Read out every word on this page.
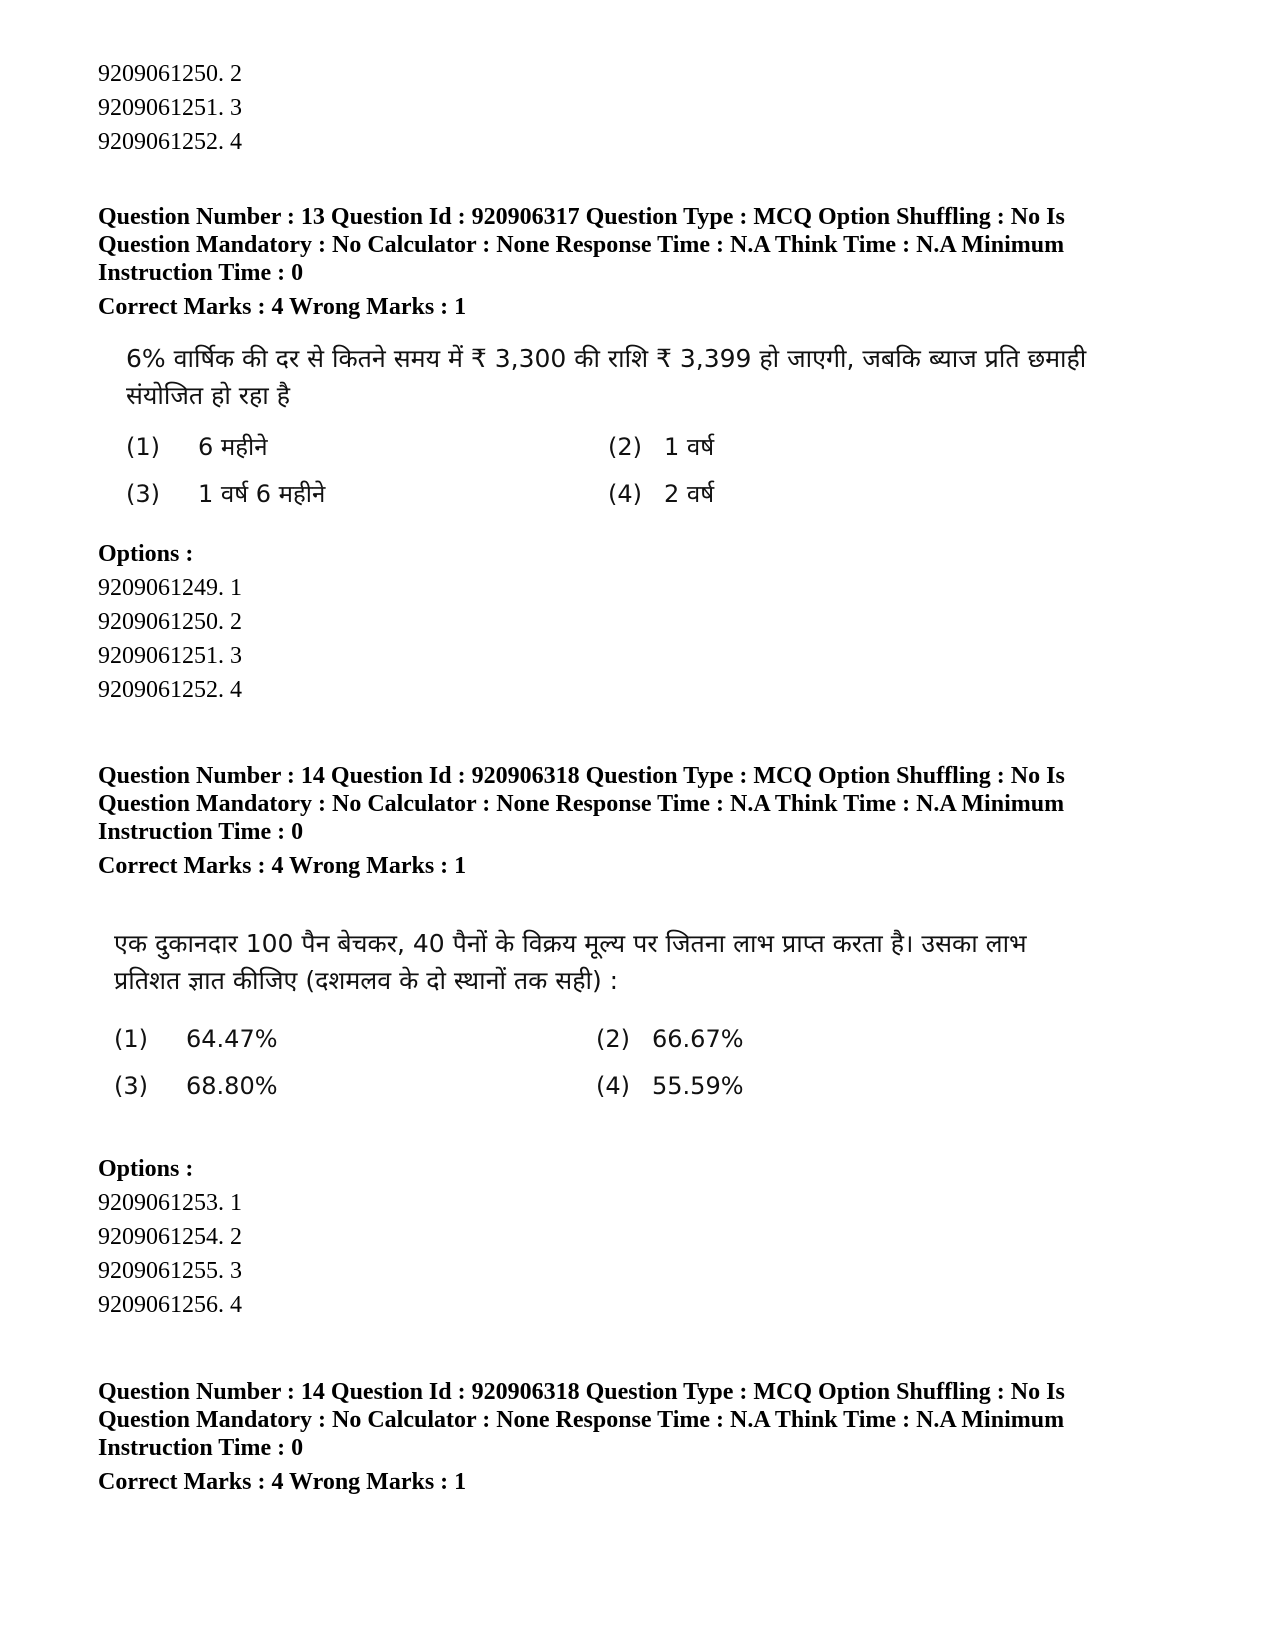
9209061250. 2
9209061251. 3
9209061252. 4
Question Number : 13 Question Id : 920906317 Question Type : MCQ Option Shuffling : No Is
Question Mandatory : No Calculator : None Response Time : N.A Think Time : N.A Minimum
Instruction Time : 0
Correct Marks : 4 Wrong Marks : 1
6% वार्षिक की दर से कितने समय में ₹ 3,300 की राशि ₹ 3,399 हो जाएगी, जबकि ब्याज प्रति छमाही
संयोजित हो रहा है
(1) 6 महीने	(2) 1 वर्ष
(3) 1 वर्ष 6 महीने	(4) 2 वर्ष
Options :
9209061249. 1
9209061250. 2
9209061251. 3
9209061252. 4
Question Number : 14 Question Id : 920906318 Question Type : MCQ Option Shuffling : No Is
Question Mandatory : No Calculator : None Response Time : N.A Think Time : N.A Minimum
Instruction Time : 0
Correct Marks : 4 Wrong Marks : 1
एक दुकानदार 100 पैन बेचकर, 40 पैनों के विक्रय मूल्य पर जितना लाभ प्राप्त करता है। उसका लाभ
प्रतिशत ज्ञात कीजिए (दशमलव के दो स्थानों तक सही) :
(1) 64.47%	(2) 66.67%
(3) 68.80%	(4) 55.59%
Options :
9209061253. 1
9209061254. 2
9209061255. 3
9209061256. 4
Question Number : 14 Question Id : 920906318 Question Type : MCQ Option Shuffling : No Is
Question Mandatory : No Calculator : None Response Time : N.A Think Time : N.A Minimum
Instruction Time : 0
Correct Marks : 4 Wrong Marks : 1
